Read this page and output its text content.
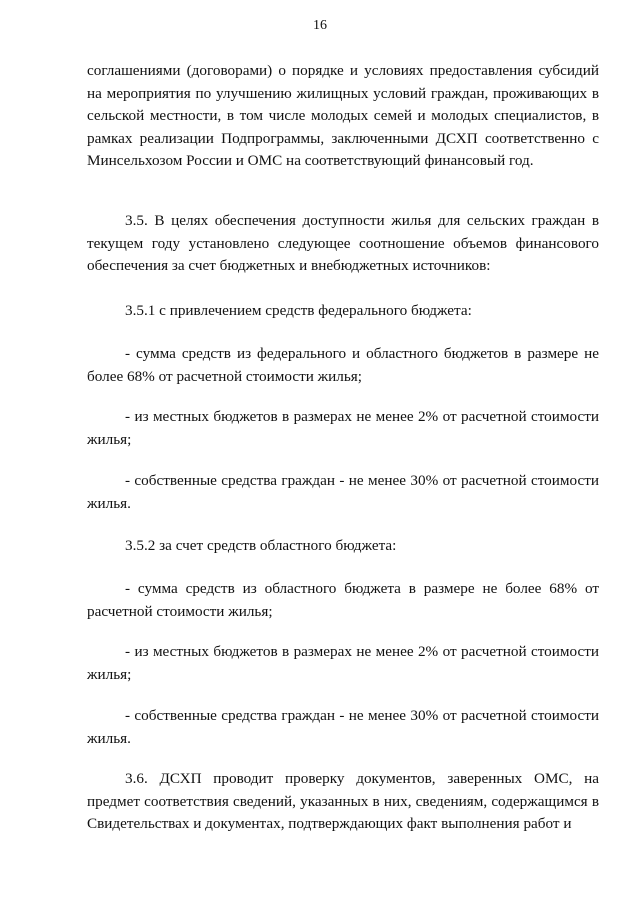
16

соглашениями (договорами) о порядке и условиях предоставления субсидий на мероприятия по улучшению жилищных условий граждан, проживающих в сельской местности, в том числе молодых семей и молодых специалистов, в рамках реализации Подпрограммы, заключенными ДСХП соответственно с Минсельхозом России и ОМС на соответствующий финансовый год.

3.5. В целях обеспечения доступности жилья для сельских граждан в текущем году установлено следующее соотношение объемов финансового обеспечения за счет бюджетных и внебюджетных источников:

3.5.1 с привлечением средств федерального бюджета:

- сумма средств из федерального и областного бюджетов в размере не более 68% от расчетной стоимости жилья;

- из местных бюджетов в размерах не менее 2% от расчетной стоимости жилья;

- собственные средства граждан - не менее 30% от расчетной стоимости жилья.

3.5.2 за счет средств областного бюджета:

- сумма средств из областного бюджета в размере не более 68% от расчетной стоимости жилья;

- из местных бюджетов в размерах не менее 2% от расчетной стоимости жилья;

- собственные средства граждан - не менее 30% от расчетной стоимости жилья.

3.6. ДСХП проводит проверку документов, заверенных ОМС, на предмет соответствия сведений, указанных в них, сведениям, содержащимся в Свидетельствах и документах, подтверждающих факт выполнения работ и
